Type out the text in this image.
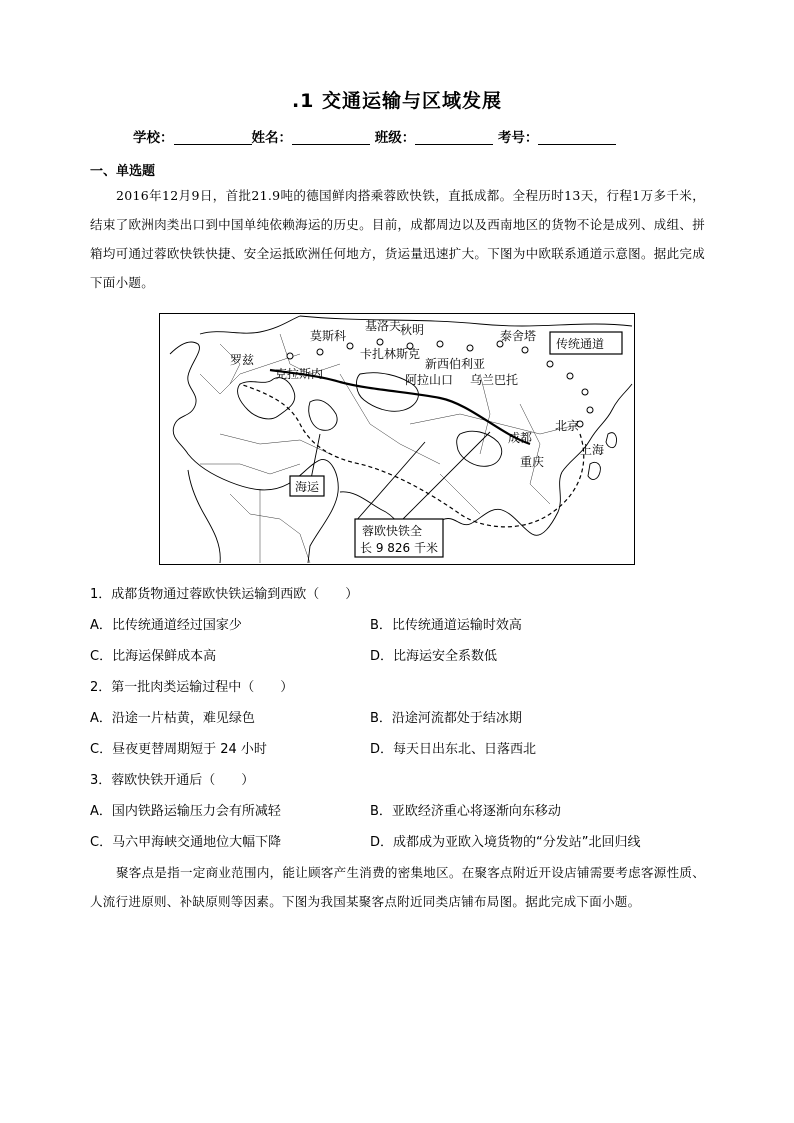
.1 交通运输与区域发展
学校：	姓名：	班级：	考号：
一、单选题
2016年12月9日，首批21.9吨的德国鲜肉搭乘蓉欧快铁，直抵成都。全程历时13天，行程1万多千米，结束了欧洲肉类出口到中国单纯依赖海运的历史。目前，成都周边以及西南地区的货物不论是成列、成组、拼箱均可通过蓉欧快铁快捷、安全运抵欧洲任何地方，货运量迅速扩大。下图为中欧联系通道示意图。据此完成下面小题。
基洛夫
莫斯科	秋明	泰舍塔
传统通道
罗兹	卡扎林斯克
新西伯利亚
克拉斯内	阿拉山口 乌兰巴托
北京
成都
上海
重庆
海运
蓉欧快铁全
长 9 826 千米
1．成都货物通过蓉欧快铁运输到西欧（　　）
A．比传统通道经过国家少	B．比传统通道运输时效高
C．比海运保鲜成本高	D．比海运安全系数低
2．第一批肉类运输过程中（　　）
A．沿途一片枯黄，难见绿色	B．沿途河流都处于结冰期
C．昼夜更替周期短于 24 小时	D．每天日出东北、日落西北
3．蓉欧快铁开通后（　　）
A．国内铁路运输压力会有所减轻	B．亚欧经济重心将逐渐向东移动
C．马六甲海峡交通地位大幅下降	D．成都成为亚欧入境货物的“分发站”北回归线
聚客点是指一定商业范围内，能让顾客产生消费的密集地区。在聚客点附近开设店铺需要考虑客源性质、人流行进原则、补缺原则等因素。下图为我国某聚客点附近同类店铺布局图。据此完成下面小题。
